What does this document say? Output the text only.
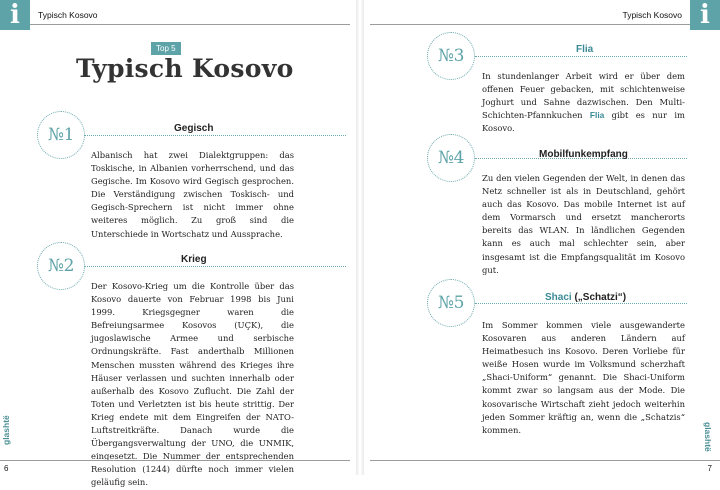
i	Typisch Kosovo
Top 5
Typisch Kosovo
№1	Gegisch

Albanisch hat zwei Dialektgruppen: das Toskische, in Albanien vorherrschend, und das Gegische. Im Kosovo wird Gegisch gesprochen. Die Verständigung zwischen Toskisch- und Gegisch-Sprechern ist nicht immer ohne weiteres möglich. Zu groß sind die Unterschiede in Wortschatz und Aussprache.

№2	Krieg

Der Kosovo-Krieg um die Kontrolle über das Kosovo dauerte von Februar 1998 bis Juni 1999. Kriegsgegner waren die Befreiungsarmee Kosovos (UÇK), die jugoslawische Armee und serbische Ordnungskräfte. Fast anderthalb Millionen Menschen mussten während des Krieges ihre Häuser verlassen und suchten innerhalb oder außerhalb des Kosovo Zuflucht. Die Zahl der Toten und Verletzten ist bis heute strittig. Der Krieg endete mit dem Eingreifen der NATO-Luftstreitkräfte. Danach wurde die Übergangsverwaltung der UNO, die UNMIK, eingesetzt. Die Nummer der entsprechenden Resolution (1244) dürfte noch immer vielen geläufig sein.

6
glashtë
i
Typisch Kosovo
№3	Flia

In stundenlanger Arbeit wird er über dem offenen Feuer gebacken, mit schichtenweise Joghurt und Sahne dazwischen. Den Multi-Schichten-Pfannkuchen Flia gibt es nur im Kosovo.

№4	Mobilfunkempfang

Zu den vielen Gegenden der Welt, in denen das Netz schneller ist als in Deutschland, gehört auch das Kosovo. Das mobile Internet ist auf dem Vormarsch und ersetzt mancherorts bereits das WLAN. In ländlichen Gegenden kann es auch mal schlechter sein, aber insgesamt ist die Empfangsqualität im Kosovo gut.

№5	Shaci („Schatzi“)

Im Sommer kommen viele ausgewanderte Kosovaren aus anderen Ländern auf Heimatbesuch ins Kosovo. Deren Vorliebe für weiße Hosen wurde im Volksmund scherzhaft „Shaci-Uniform“ genannt. Die Shaci-Uniform kommt zwar so langsam aus der Mode. Die kosovarische Wirtschaft zieht jedoch weiterhin jeden Sommer kräftig an, wenn die „Schatzis“ kommen.

7
glashtë
